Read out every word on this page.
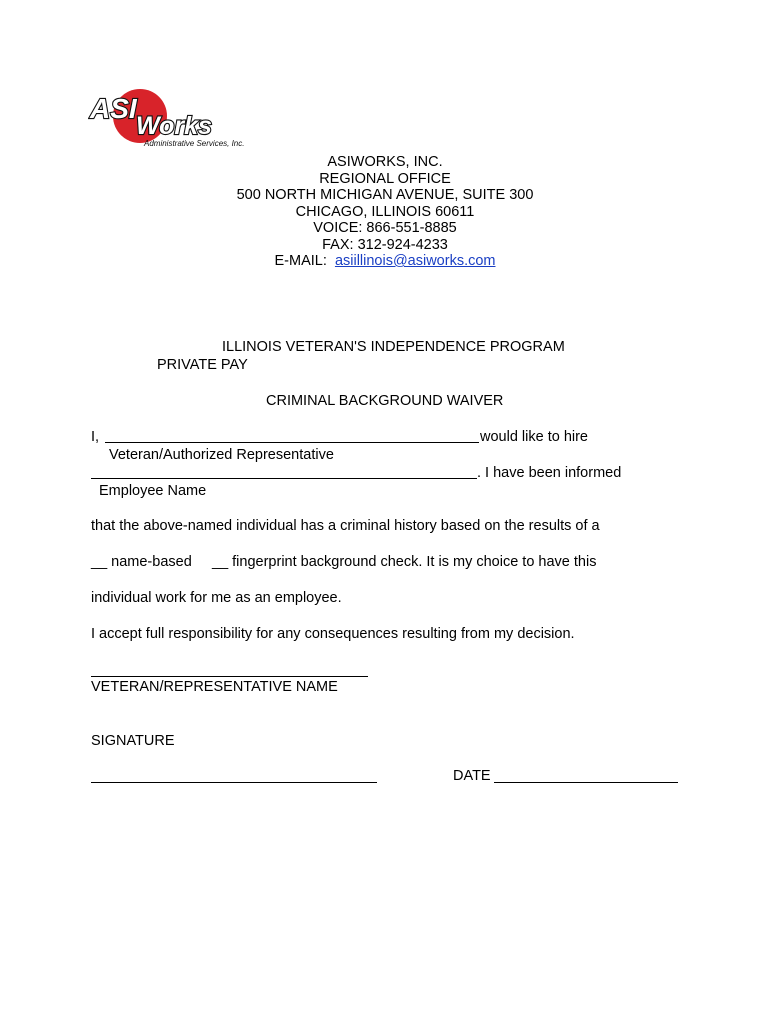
ASI
Works
Administrative Services, Inc.
ASIWORKS, INC.
REGIONAL OFFICE
500 NORTH MICHIGAN AVENUE, SUITE 300
CHICAGO, ILLINOIS 60611
VOICE: 866-551-8885
FAX: 312-924-4233
E-MAIL: asiillinois@asiworks.com
ILLINOIS VETERAN'S INDEPENDENCE PROGRAM
PRIVATE PAY
CRIMINAL BACKGROUND WAIVER
I,	would like to hire
Veteran/Authorized Representative
. I have been informed
Employee Name
that the above-named individual has a criminal history based on the results of a
__ name-based __ fingerprint background check. It is my choice to have this
individual work for me as an employee.
I accept full responsibility for any consequences resulting from my decision.
VETERAN/REPRESENTATIVE NAME
SIGNATURE
DATE
